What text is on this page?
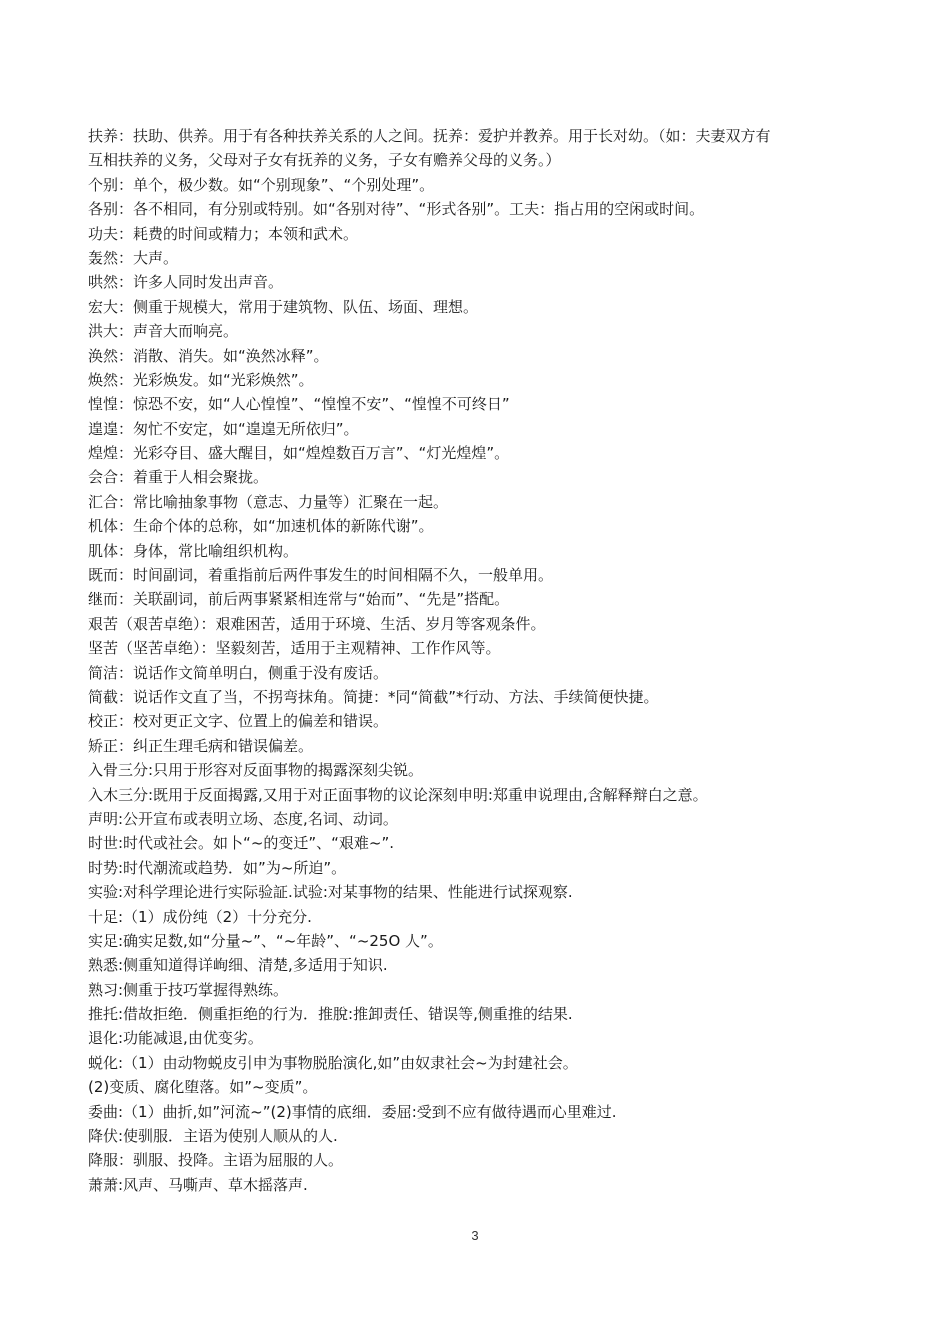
扶养：扶助、供养。用于有各种扶养关系的人之间。抚养：爱护并教养。用于长对幼。（如：夫妻双方有
互相扶养的义务，父母对子女有抚养的义务，子女有赡养父母的义务。）
个别：单个，极少数。如“个别现象”、“个别处理”。
各别：各不相同，有分别或特别。如“各别对待”、“形式各别”。工夫：指占用的空闲或时间。
功夫：耗费的时间或精力；本领和武术。
轰然：大声。
哄然：许多人同时发出声音。
宏大：侧重于规模大，常用于建筑物、队伍、场面、理想。
洪大：声音大而响亮。
涣然：消散、消失。如“涣然冰释”。
焕然：光彩焕发。如“光彩焕然”。
惶惶：惊恐不安，如“人心惶惶”、“惶惶不安”、“惶惶不可终日”
遑遑：匆忙不安定，如“遑遑无所依归”。
煌煌：光彩夺目、盛大醒目，如“煌煌数百万言”、“灯光煌煌”。
会合：着重于人相会聚拢。
汇合：常比喻抽象事物（意志、力量等）汇聚在一起。
机体：生命个体的总称，如“加速机体的新陈代谢”。
肌体：身体，常比喻组织机构。
既而：时间副词，着重指前后两件事发生的时间相隔不久，一般单用。
继而：关联副词，前后两事紧紧相连常与“始而”、“先是”搭配。
艰苦（艰苦卓绝）：艰难困苦，适用于环境、生活、岁月等客观条件。
坚苦（坚苦卓绝）：坚毅刻苦，适用于主观精神、工作作风等。
简洁：说话作文简单明白，侧重于没有废话。
简截：说话作文直了当，不拐弯抹角。简捷：*同“简截”*行动、方法、手续简便快捷。
校正：校对更正文字、位置上的偏差和错误。
矫正：纠正生理毛病和错误偏差。
入骨三分:只用于形容对反面事物的揭露深刻尖锐。
入木三分:既用于反面揭露,又用于对正面事物的议论深刻申明:郑重申说理由,含解释辩白之意。
声明:公开宣布或表明立场、态度,名词、动词。
时世:时代或社会。如卜“~的变迁”、“艰难~”.
时势:时代潮流或趋势．如”为~所迫”。
实验:对科学理论进行实际验証.试验:对某事物的结果、性能进行试探观察.
十足:（1）成份纯（2）十分充分.
实足:确实足数,如“分量~”、“~年龄”、“~25O 人”。
熟悉:侧重知道得详峋细、清楚,多适用于知识.
熟习:侧重于技巧掌握得熟练。
推托:借故拒绝．侧重拒绝的行为．推脫:推卸责任、错误等,侧重推的结果.
退化:功能减退,由优变劣。
蜕化:（1）由动物蜕皮引申为事物脱胎演化,如”由奴隶社会~为封建社会。
(2)变质、腐化堕落。如”~变质”。
委曲:（1）曲折,如”河流~”(2)事情的底细．委屈:受到不应有做待遇而心里难过.
降伏:使驯服．主语为使别人顺从的人.
降服：驯服、投降。主语为屈服的人。
萧萧:风声、马嘶声、草木摇落声.
3
